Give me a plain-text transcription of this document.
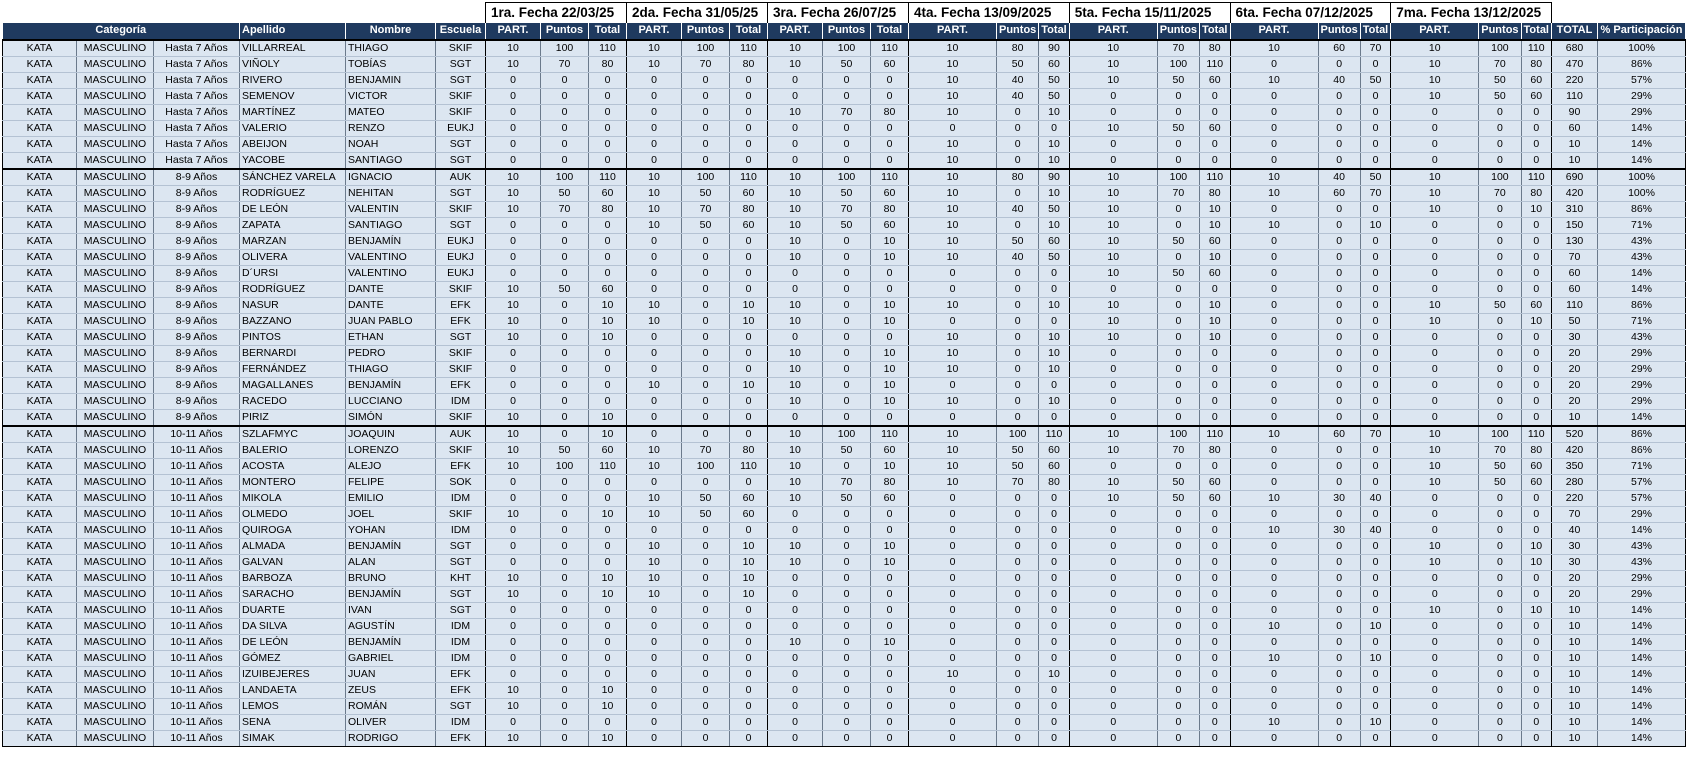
						1ra. Fecha 22/03/25			2da. Fecha 31/05/25			3ra. Fecha 26/07/25			4ta. Fecha 13/09/2025			5ta. Fecha 15/11/2025			6ta. Fecha 07/12/2025			7ma. Fecha 13/12/2025				
Categoría			Apellido	Nombre	Escuela	PART.	Puntos	Total	PART.	Puntos	Total	PART.	Puntos	Total	PART.	Puntos	Total	PART.	Puntos	Total	PART.	Puntos	Total	PART.	Puntos	Total	TOTAL	% Participación
KATA	MASCULINO	Hasta 7 Años	VILLARREAL	THIAGO	SKIF	10	100	110	10	100	110	10	100	110	10	80	90	10	70	80	10	60	70	10	100	110	680	100%
KATA	MASCULINO	Hasta 7 Años	VIÑOLY	TOBÍAS	SGT	10	70	80	10	70	80	10	50	60	10	50	60	10	100	110	0	0	0	10	70	80	470	86%
KATA	MASCULINO	Hasta 7 Años	RIVERO	BENJAMIN	SGT	0	0	0	0	0	0	0	0	0	10	40	50	10	50	60	10	40	50	10	50	60	220	57%
KATA	MASCULINO	Hasta 7 Años	SEMENOV	VICTOR	SKIF	0	0	0	0	0	0	0	0	0	10	40	50	0	0	0	0	0	0	10	50	60	110	29%
KATA	MASCULINO	Hasta 7 Años	MARTÍNEZ	MATEO	SKIF	0	0	0	0	0	0	10	70	80	10	0	10	0	0	0	0	0	0	0	0	0	90	29%
KATA	MASCULINO	Hasta 7 Años	VALERIO	RENZO	EUKJ	0	0	0	0	0	0	0	0	0	0	0	0	10	50	60	0	0	0	0	0	0	60	14%
KATA	MASCULINO	Hasta 7 Años	ABEIJON	NOAH	SGT	0	0	0	0	0	0	0	0	0	10	0	10	0	0	0	0	0	0	0	0	0	10	14%
KATA	MASCULINO	Hasta 7 Años	YACOBE	SANTIAGO	SGT	0	0	0	0	0	0	0	0	0	10	0	10	0	0	0	0	0	0	0	0	0	10	14%
KATA	MASCULINO	8-9 Años	SÁNCHEZ VARELA	IGNACIO	AUK	10	100	110	10	100	110	10	100	110	10	80	90	10	100	110	10	40	50	10	100	110	690	100%
KATA	MASCULINO	8-9 Años	RODRÍGUEZ	NEHITAN	SGT	10	50	60	10	50	60	10	50	60	10	0	10	10	70	80	10	60	70	10	70	80	420	100%
KATA	MASCULINO	8-9 Años	DE LEÓN	VALENTIN	SKIF	10	70	80	10	70	80	10	70	80	10	40	50	10	0	10	0	0	0	10	0	10	310	86%
KATA	MASCULINO	8-9 Años	ZAPATA	SANTIAGO	SGT	0	0	0	10	50	60	10	50	60	10	0	10	10	0	10	10	0	10	0	0	0	150	71%
KATA	MASCULINO	8-9 Años	MARZAN	BENJAMÍN	EUKJ	0	0	0	0	0	0	10	0	10	10	50	60	10	50	60	0	0	0	0	0	0	130	43%
KATA	MASCULINO	8-9 Años	OLIVERA	VALENTINO	EUKJ	0	0	0	0	0	0	10	0	10	10	40	50	10	0	10	0	0	0	0	0	0	70	43%
KATA	MASCULINO	8-9 Años	D´URSI	VALENTINO	EUKJ	0	0	0	0	0	0	0	0	0	0	0	0	10	50	60	0	0	0	0	0	0	60	14%
KATA	MASCULINO	8-9 Años	RODRÍGUEZ	DANTE	SKIF	10	50	60	0	0	0	0	0	0	0	0	0	0	0	0	0	0	0	0	0	0	60	14%
KATA	MASCULINO	8-9 Años	NASUR	DANTE	EFK	10	0	10	10	0	10	10	0	10	10	0	10	10	0	10	0	0	0	10	50	60	110	86%
KATA	MASCULINO	8-9 Años	BAZZANO	JUAN PABLO	EFK	10	0	10	10	0	10	10	0	10	0	0	0	10	0	10	0	0	0	10	0	10	50	71%
KATA	MASCULINO	8-9 Años	PINTOS	ETHAN	SGT	10	0	10	0	0	0	0	0	0	10	0	10	10	0	10	0	0	0	0	0	0	30	43%
KATA	MASCULINO	8-9 Años	BERNARDI	PEDRO	SKIF	0	0	0	0	0	0	10	0	10	10	0	10	0	0	0	0	0	0	0	0	0	20	29%
KATA	MASCULINO	8-9 Años	FERNÁNDEZ	THIAGO	SKIF	0	0	0	0	0	0	10	0	10	10	0	10	0	0	0	0	0	0	0	0	0	20	29%
KATA	MASCULINO	8-9 Años	MAGALLANES	BENJAMÍN	EFK	0	0	0	10	0	10	10	0	10	0	0	0	0	0	0	0	0	0	0	0	0	20	29%
KATA	MASCULINO	8-9 Años	RACEDO	LUCCIANO	IDM	0	0	0	0	0	0	10	0	10	10	0	10	0	0	0	0	0	0	0	0	0	20	29%
KATA	MASCULINO	8-9 Años	PIRIZ	SIMÓN	SKIF	10	0	10	0	0	0	0	0	0	0	0	0	0	0	0	0	0	0	0	0	0	10	14%
KATA	MASCULINO	10-11 Años	SZLAFMYC	JOAQUIN	AUK	10	0	10	0	0	0	10	100	110	10	100	110	10	100	110	10	60	70	10	100	110	520	86%
KATA	MASCULINO	10-11 Años	BALERIO	LORENZO	SKIF	10	50	60	10	70	80	10	50	60	10	50	60	10	70	80	0	0	0	10	70	80	420	86%
KATA	MASCULINO	10-11 Años	ACOSTA	ALEJO	EFK	10	100	110	10	100	110	10	0	10	10	50	60	0	0	0	0	0	0	10	50	60	350	71%
KATA	MASCULINO	10-11 Años	MONTERO	FELIPE	SOK	0	0	0	0	0	0	10	70	80	10	70	80	10	50	60	0	0	0	10	50	60	280	57%
KATA	MASCULINO	10-11 Años	MIKOLA	EMILIO	IDM	0	0	0	10	50	60	10	50	60	0	0	0	10	50	60	10	30	40	0	0	0	220	57%
KATA	MASCULINO	10-11 Años	OLMEDO	JOEL	SKIF	10	0	10	10	50	60	0	0	0	0	0	0	0	0	0	0	0	0	0	0	0	70	29%
KATA	MASCULINO	10-11 Años	QUIROGA	YOHAN	IDM	0	0	0	0	0	0	0	0	0	0	0	0	0	0	0	10	30	40	0	0	0	40	14%
KATA	MASCULINO	10-11 Años	ALMADA	BENJAMÍN	SGT	0	0	0	10	0	10	10	0	10	0	0	0	0	0	0	0	0	0	10	0	10	30	43%
KATA	MASCULINO	10-11 Años	GALVAN	ALAN	SGT	0	0	0	10	0	10	10	0	10	0	0	0	0	0	0	0	0	0	10	0	10	30	43%
KATA	MASCULINO	10-11 Años	BARBOZA	BRUNO	KHT	10	0	10	10	0	10	0	0	0	0	0	0	0	0	0	0	0	0	0	0	0	20	29%
KATA	MASCULINO	10-11 Años	SARACHO	BENJAMÍN	SGT	10	0	10	10	0	10	0	0	0	0	0	0	0	0	0	0	0	0	0	0	0	20	29%
KATA	MASCULINO	10-11 Años	DUARTE	IVAN	SGT	0	0	0	0	0	0	0	0	0	0	0	0	0	0	0	0	0	0	10	0	10	10	14%
KATA	MASCULINO	10-11 Años	DA SILVA	AGUSTÍN	IDM	0	0	0	0	0	0	0	0	0	0	0	0	0	0	0	10	0	10	0	0	0	10	14%
KATA	MASCULINO	10-11 Años	DE LEÓN	BENJAMÍN	IDM	0	0	0	0	0	0	10	0	10	0	0	0	0	0	0	0	0	0	0	0	0	10	14%
KATA	MASCULINO	10-11 Años	GÓMEZ	GABRIEL	IDM	0	0	0	0	0	0	0	0	0	0	0	0	0	0	0	10	0	10	0	0	0	10	14%
KATA	MASCULINO	10-11 Años	IZUIBEJERES	JUAN	EFK	0	0	0	0	0	0	0	0	0	10	0	10	0	0	0	0	0	0	0	0	0	10	14%
KATA	MASCULINO	10-11 Años	LANDAETA	ZEUS	EFK	10	0	10	0	0	0	0	0	0	0	0	0	0	0	0	0	0	0	0	0	0	10	14%
KATA	MASCULINO	10-11 Años	LEMOS	ROMÁN	SGT	10	0	10	0	0	0	0	0	0	0	0	0	0	0	0	0	0	0	0	0	0	10	14%
KATA	MASCULINO	10-11 Años	SENA	OLIVER	IDM	0	0	0	0	0	0	0	0	0	0	0	0	0	0	0	10	0	10	0	0	0	10	14%
KATA	MASCULINO	10-11 Años	SIMAK	RODRIGO	EFK	10	0	10	0	0	0	0	0	0	0	0	0	0	0	0	0	0	0	0	0	0	10	14%
